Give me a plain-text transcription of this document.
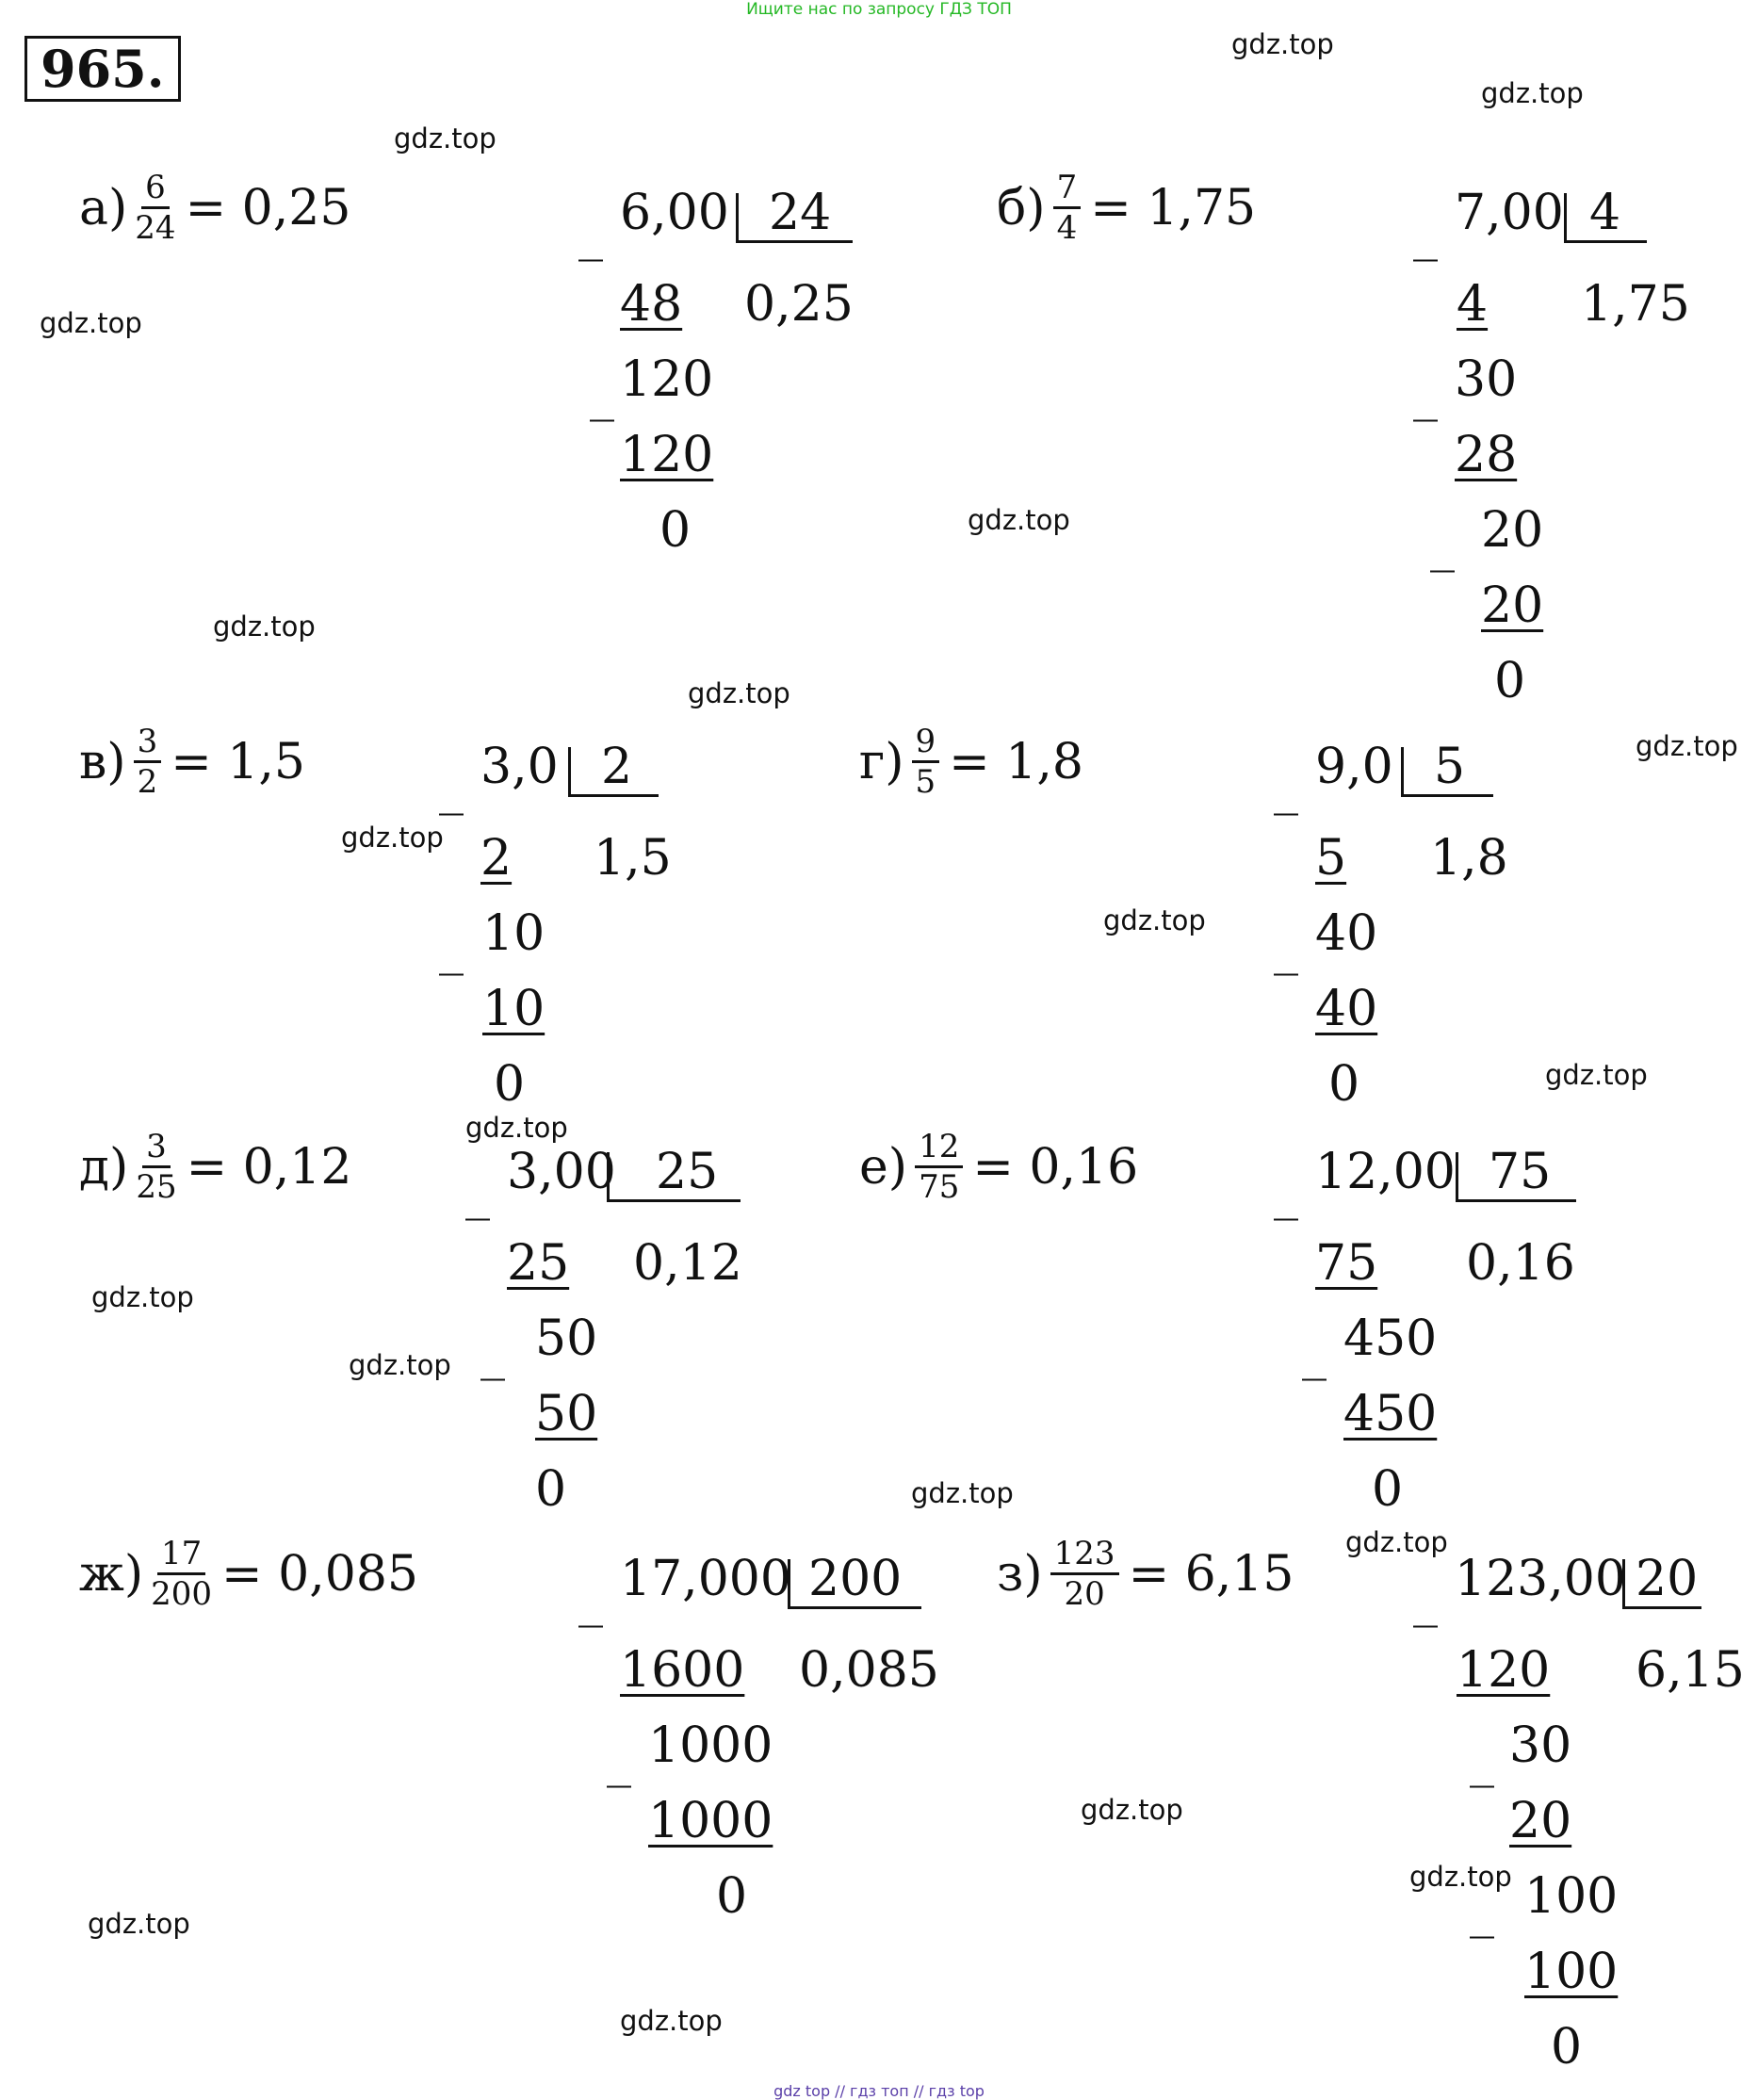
Ищите нас по запросу ГДЗ ТОП
965.	gdz.top
gdz.top
gdz.top
gdz.top
gdz.top
gdz.top
gdz.top
gdz.top
gdz.top
gdz.top
gdz.top
gdz.top
gdz.top
gdz.top
gdz.top
gdz.top
gdz.top
gdz.top
gdz.top
gdz.top
$а) \frac{6}{24} = 0,25$	_ 6,00 24
48 0,25
_ 120
120
0
$б) \frac{7}{4} = 1,75$	_ 7,00 4
4 1,75
_ 30
28
_ 20
20
0
$в) \frac{3}{2} = 1,5$	_ 3,0 2
2 1,5
_ 10
10
0
$г) \frac{9}{5} = 1,8$	_ 9,0 5
5 1,8
_ 40
40
0
$д) \frac{3}{25} = 0,12$ _ 3,00 25
25 0,12
_ 50
50
0
$е) \frac{12}{75} = 0,16$	_ 12,00 75
75 0,16
_ 450
450
0
$ж) \frac{17}{200} = 0,085$	_ 17,000 200
1600 0,085
_ 1000
1000
0
$з) \frac{123}{20} = 6,15$ _ 123,00 20
120 6,15
_ 30
20
_ 100
100
0
gdz top // гдз топ // гдз top
